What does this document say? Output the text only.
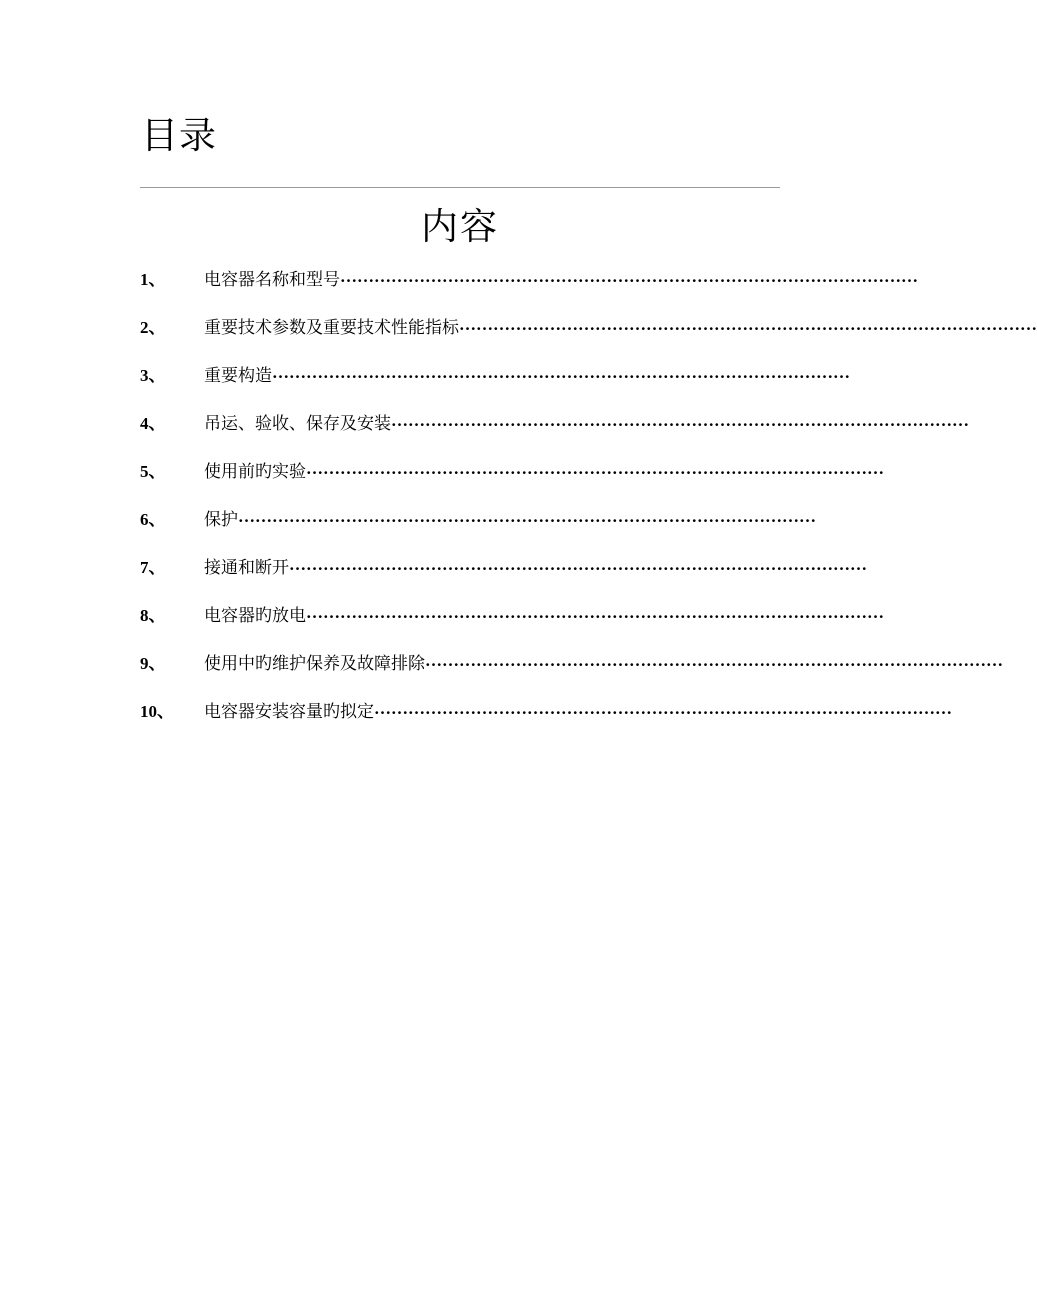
目录
内容
1、	电容器名称和型号 …………………………………………………………………………………………
2、	重要技术参数及重要技术性能指标 …………………………………………………………………………………………
3、	重要构造 …………………………………………………………………………………………
4、	吊运、验收、保存及安装 …………………………………………………………………………………………
5、	使用前旳实验 …………………………………………………………………………………………
6、	保护 …………………………………………………………………………………………
7、	接通和断开 …………………………………………………………………………………………
8、	电容器旳放电 …………………………………………………………………………………………
9、	使用中旳维护保养及故障排除 …………………………………………………………………………………………
10、	电容器安装容量旳拟定 …………………………………………………………………………………………
